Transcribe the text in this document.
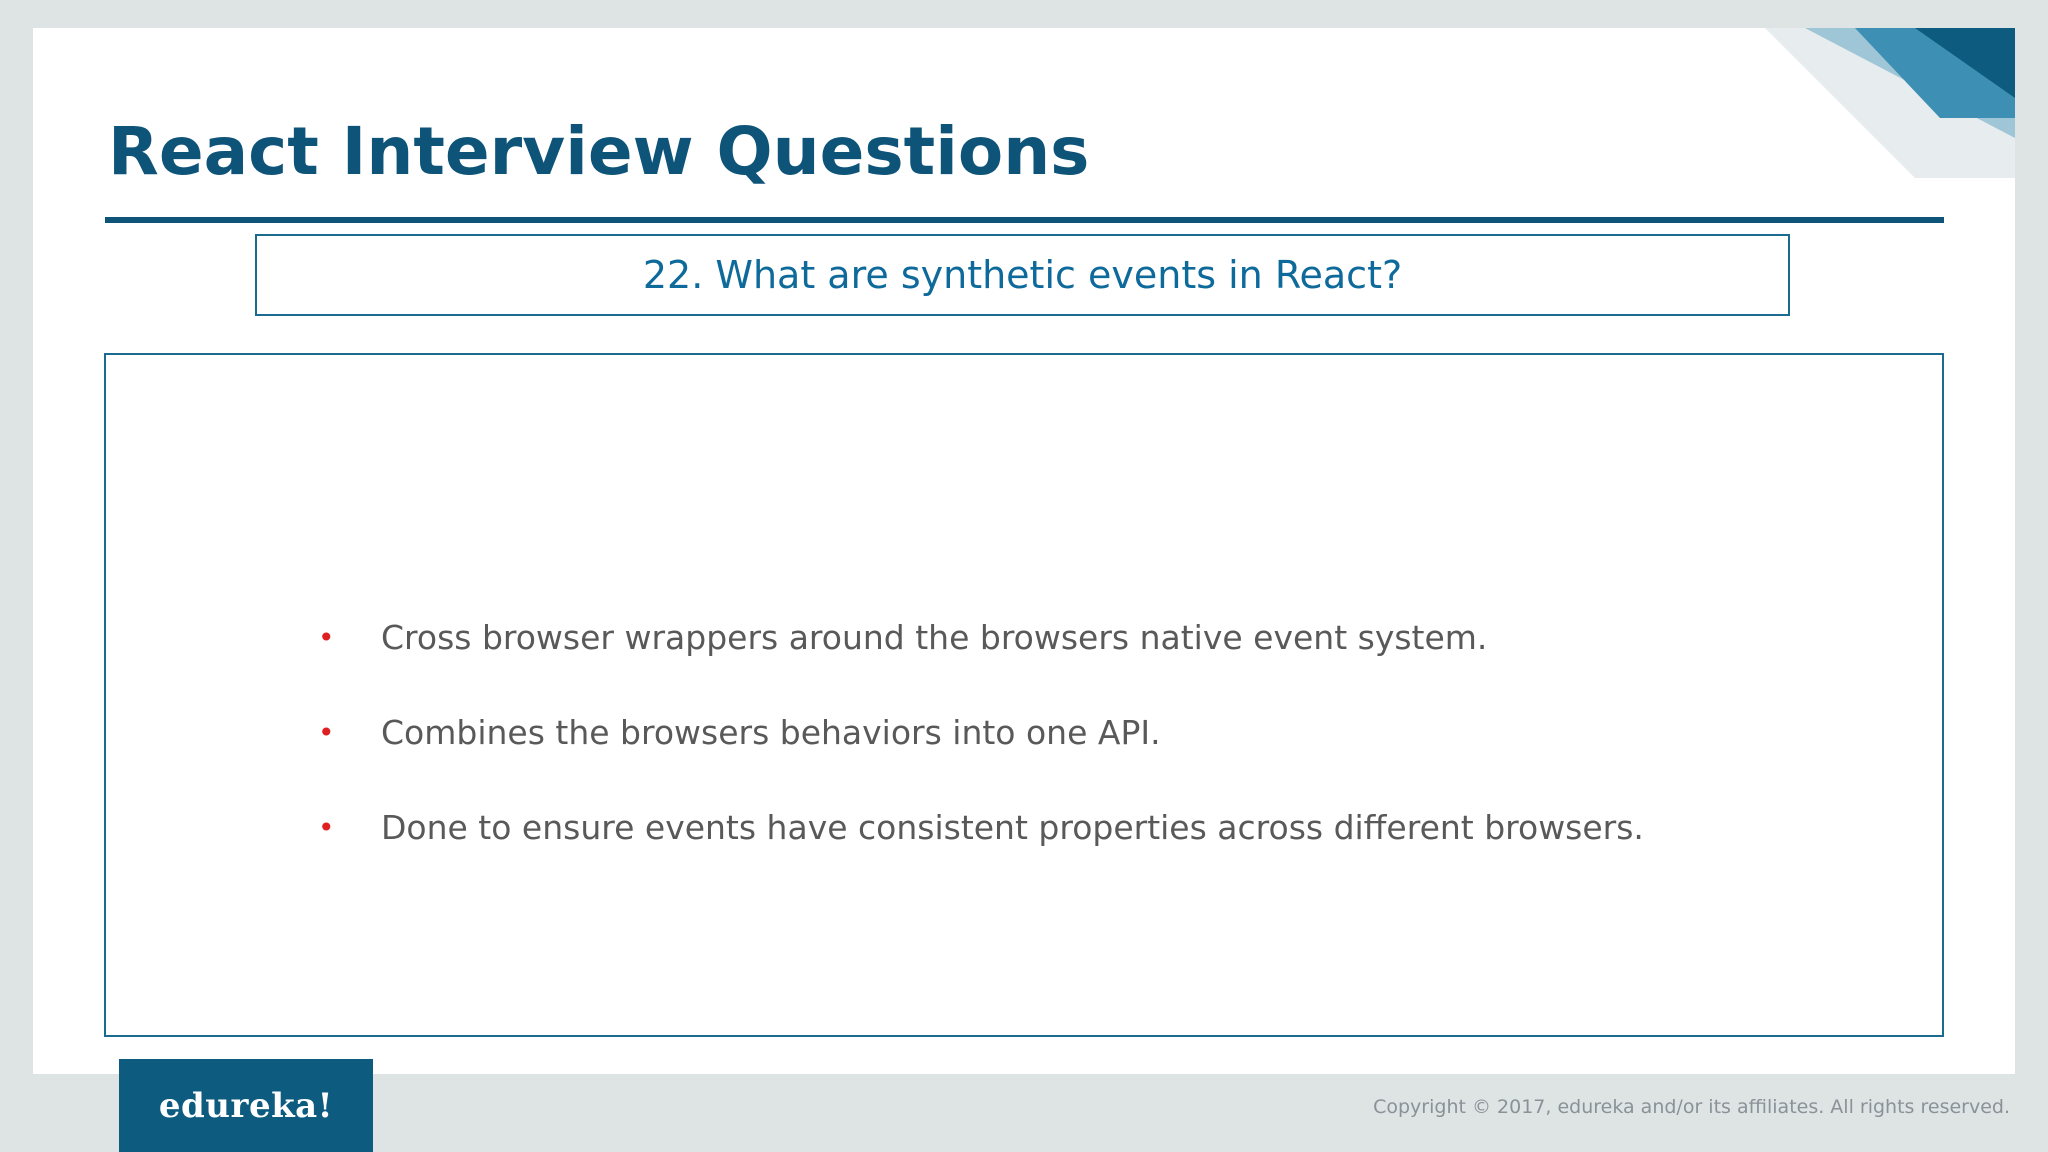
React Interview Questions
22. What are synthetic events in React?
•	Cross browser wrappers around the browsers native event system.
•	Combines the browsers behaviors into one API.
•	Done to ensure events have consistent properties across different browsers.
edureka!	Copyright © 2017, edureka and/or its affiliates. All rights reserved.
